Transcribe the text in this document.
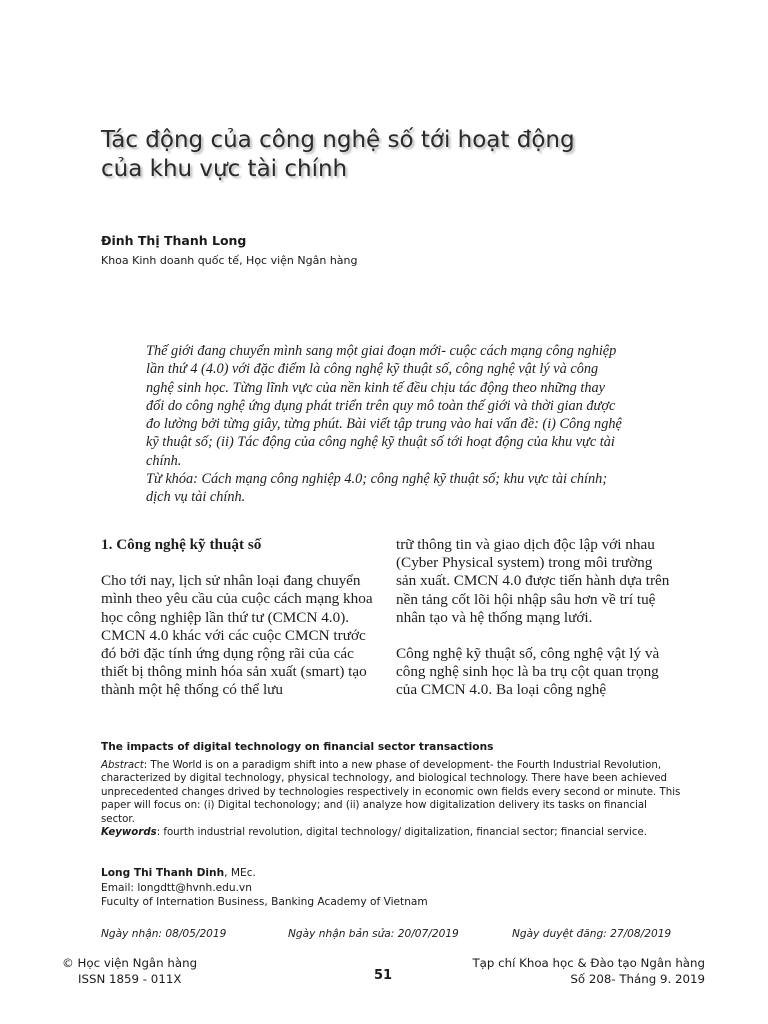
Tác động của công nghệ số tới hoạt động
của khu vực tài chính
Đinh Thị Thanh Long
Khoa Kinh doanh quốc tế, Học viện Ngân hàng

Thế giới đang chuyển mình sang một giai đoạn mới- cuộc cách mạng công nghiệp lần thứ 4 (4.0) với đặc điểm là công nghệ kỹ thuật số, công nghệ vật lý và công nghệ sinh học. Từng lĩnh vực của nền kinh tế đều chịu tác động theo những thay đổi do công nghệ ứng dụng phát triển trên quy mô toàn thế giới và thời gian được đo lường bởi từng giây, từng phút. Bài viết tập trung vào hai vấn đề: (i) Công nghệ kỹ thuật số; (ii) Tác động của công nghệ kỹ thuật số tới hoạt động của khu vực tài chính.

Từ khóa: Cách mạng công nghiệp 4.0; công nghệ kỹ thuật số; khu vực tài chính; dịch vụ tài chính.

1. Công nghệ kỹ thuật số

Cho tới nay, lịch sử nhân loại đang chuyển mình theo yêu cầu của cuộc cách mạng khoa học công nghiệp lần thứ tư (CMCN 4.0). CMCN 4.0 khác với các cuộc CMCN trước đó bởi đặc tính ứng dụng rộng rãi của các thiết bị thông minh hóa sản xuất (smart) tạo thành một hệ thống có thể lưu

trữ thông tin và giao dịch độc lập với nhau (Cyber Physical system) trong môi trường sản xuất. CMCN 4.0 được tiến hành dựa trên nền tảng cốt lõi hội nhập sâu hơn về trí tuệ nhân tạo và hệ thống mạng lưới.

Công nghệ kỹ thuật số, công nghệ vật lý và công nghệ sinh học là ba trụ cột quan trọng của CMCN 4.0. Ba loại công nghệ

The impacts of digital technology on financial sector transactions

Abstract: The World is on a paradigm shift into a new phase of development- the Fourth Industrial Revolution, characterized by digital technology, physical technology, and biological technology. There have been achieved unprecedented changes drived by technologies respectively in economic own fields every second or minute. This paper will focus on: (i) Digital techonology; and (ii) analyze how digitalization delivery its tasks on financial sector.

Keywords: fourth industrial revolution, digital technology/ digitalization, financial sector; financial service.

Long Thi Thanh Dinh, MEc.

Email: longdtt@hvnh.edu.vn

Fuculty of Internation Business, Banking Academy of Vietnam

Ngày nhận: 08/05/2019	Ngày nhận bản sửa: 20/07/2019	Ngày duyệt đăng: 27/08/2019
© Học viện Ngân hàng
ISSN 1859 - 011X	51
Tạp chí Khoa học & Đào tạo Ngân hàng
Số 208- Tháng 9. 2019
